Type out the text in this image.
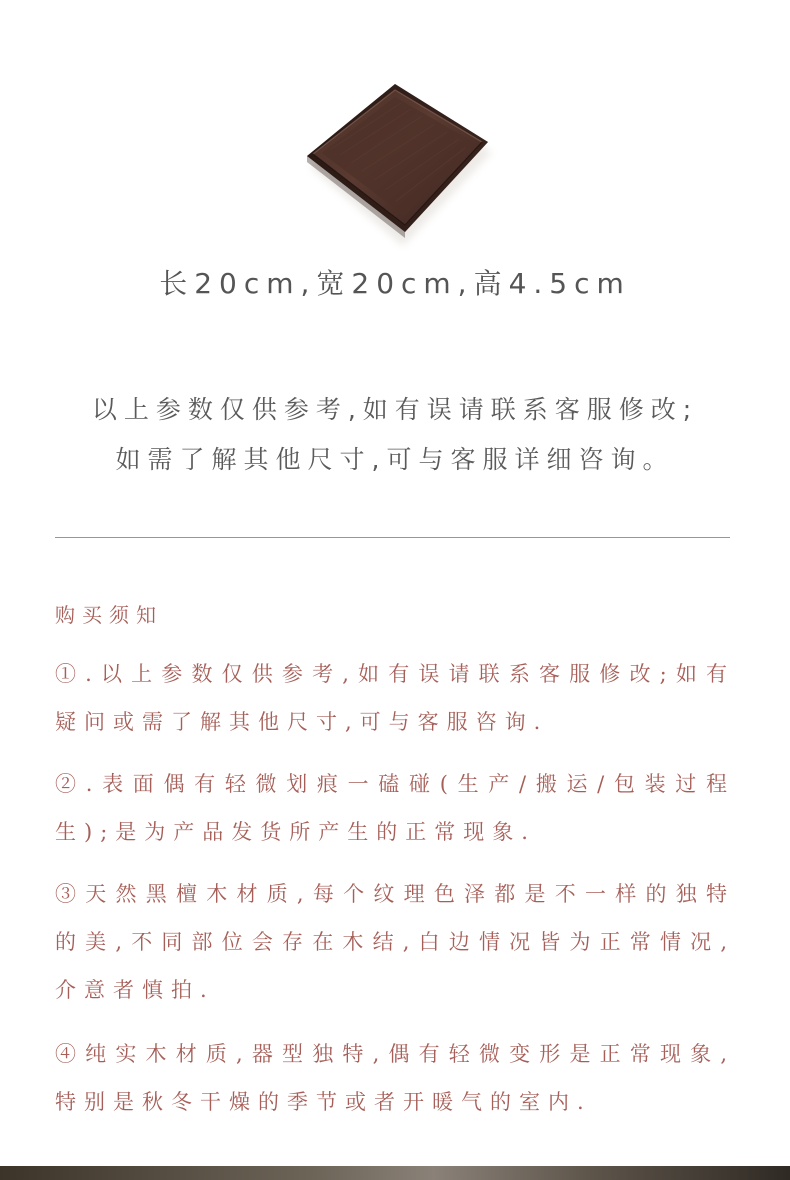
长20cm,宽20cm,高4.5cm
以上参数仅供参考,如有误请联系客服修改;
如需了解其他尺寸,可与客服详细咨询。
购买须知

①.以上参数仅供参考,如有误请联系客服修改;如有疑问或需了解其他尺寸,可与客服咨询.

②.表面偶有轻微划痕一磕碰(生产/搬运/包装过程生);是为产品发货所产生的正常现象.

③天然黑檀木材质,每个纹理色泽都是不一样的独特的美,不同部位会存在木结,白边情况皆为正常情况,介意者慎拍.

④纯实木材质,器型独特,偶有轻微变形是正常现象,特别是秋冬干燥的季节或者开暖气的室内.
